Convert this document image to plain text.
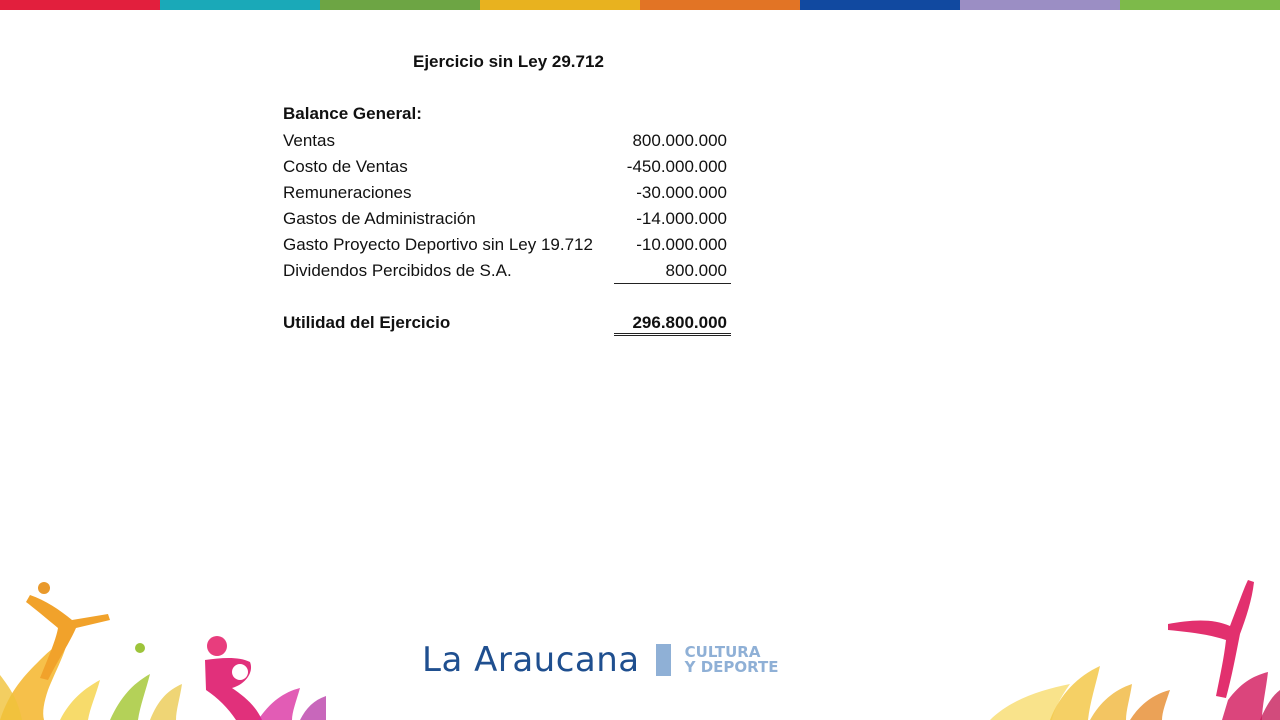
Ejercicio sin Ley 29.712
Balance General:
Ventas	800.000.000
Costo de Ventas	-450.000.000
Remuneraciones	-30.000.000
Gastos de Administración	-14.000.000
Gasto Proyecto Deportivo sin Ley 19.712	-10.000.000
Dividendos Percibidos de S.A.	800.000
Utilidad del Ejercicio	296.800.000
La Araucana	CULTURA
Y DEPORTE
